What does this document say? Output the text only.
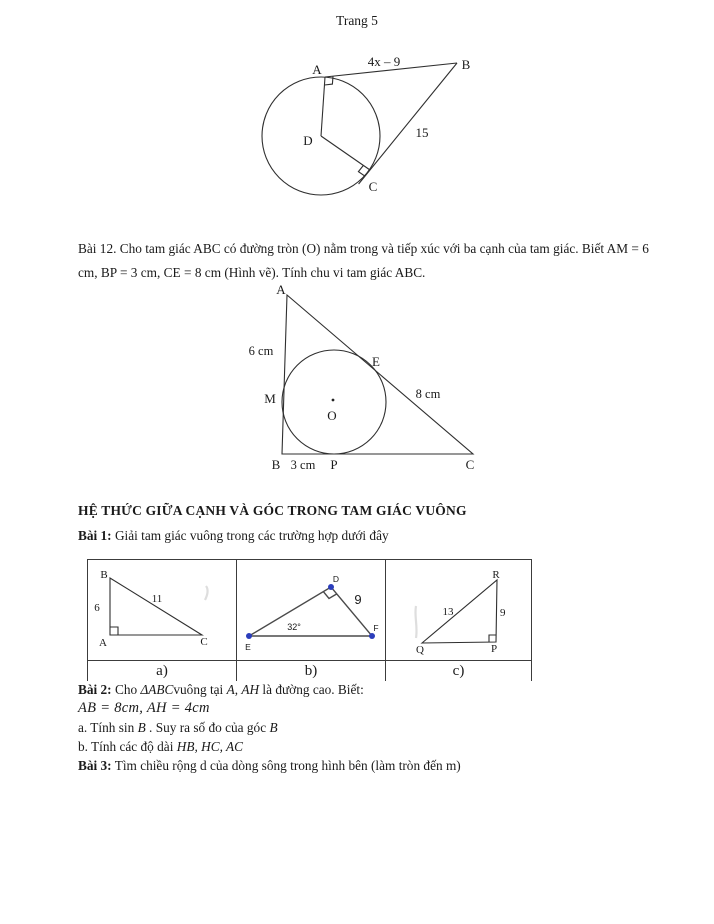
Trang 5
A	B
C
D
4x – 9
15
Bài 12. Cho tam giác ABC có đường tròn (O) nằm trong và tiếp xúc với ba cạnh của tam giác. Biết AM = 6
cm, BP = 3 cm, CE = 8 cm (Hình vẽ). Tính chu vi tam giác ABC.
A
B	C
E
M
O
P
6 cm
8 cm
3 cm
HỆ THỨC GIỮA CẠNH VÀ GÓC TRONG TAM GIÁC VUÔNG
Bài 1: Giải tam giác vuông trong các trường hợp dưới đây
B
A	C
6
11
D
E
F
9
32°
R
Q	P
13	9
a)	b)	c)
Bài 2: Cho ΔABCvuông tại A, AH là đường cao. Biết:
AB = 8cm, AH = 4cm
a. Tính sin B . Suy ra số đo của góc B
b. Tính các độ dài HB, HC, AC
Bài 3: Tìm chiều rộng d của dòng sông trong hình bên (làm tròn đến m)
